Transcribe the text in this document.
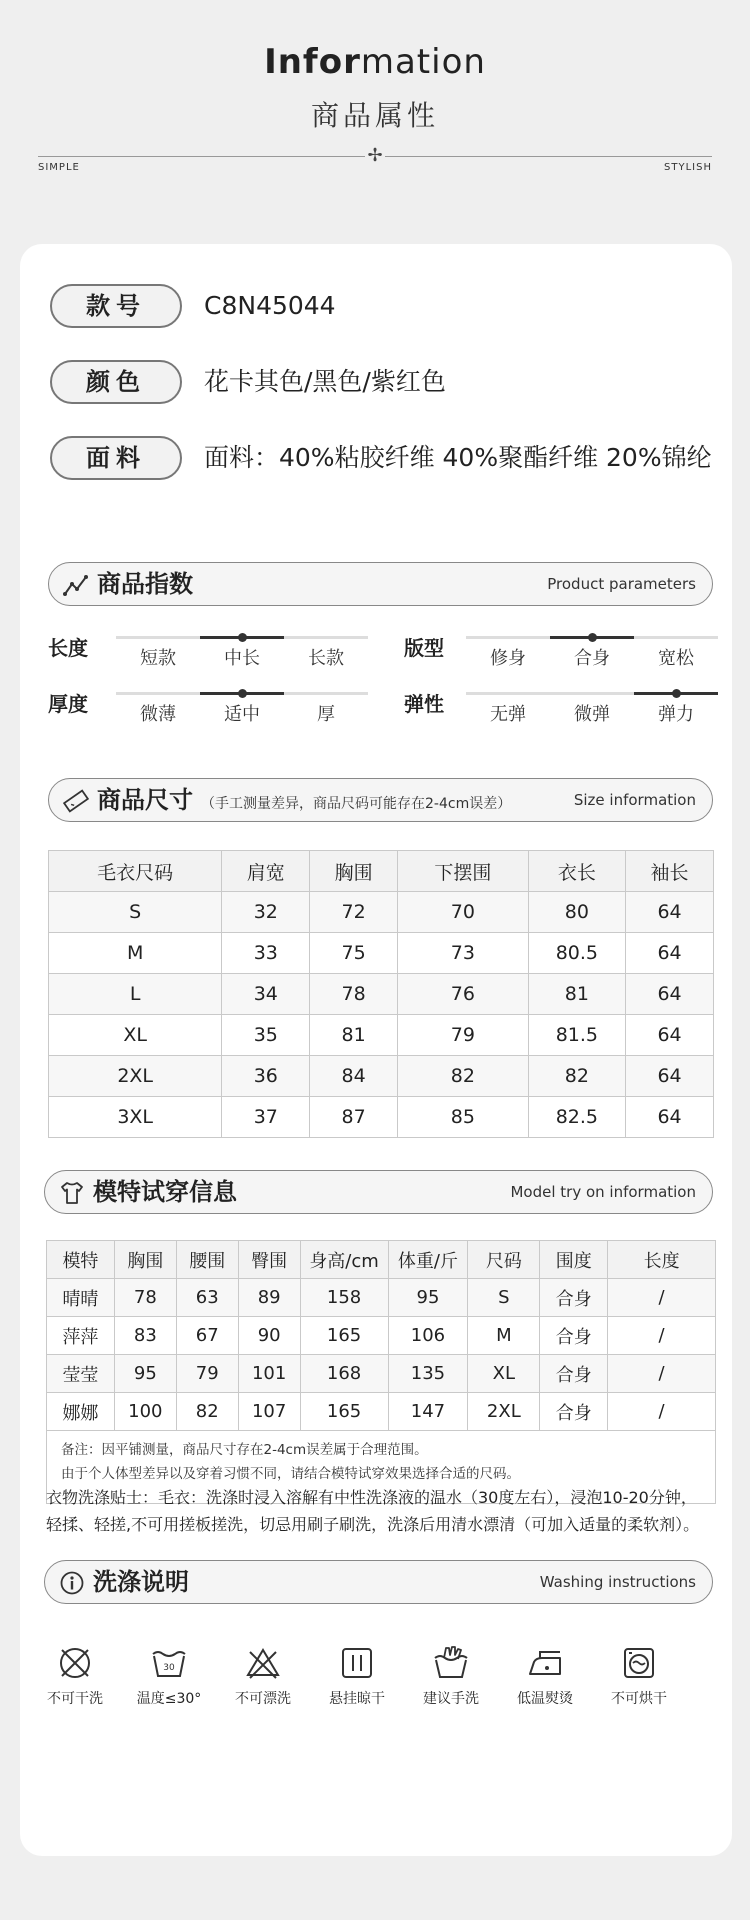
Information
商品属性
✢
SIMPLE	STYLISH
款号	C8N45044
颜色	花卡其色/黑色/紫红色
面料	面料：40%粘胶纤维 40%聚酯纤维 20%锦纶
商品指数	Product parameters
长度	短款	中长	长款	版型	修身	合身	宽松
厚度	微薄	适中	厚	弹性	无弹	微弹	弹力
商品尺寸 （手工测量差异，商品尺码可能存在2-4cm误差）	Size information
毛衣尺码	肩宽	胸围	下摆围	衣长	袖长
S	32	72	70	80	64
M	33	75	73	80.5	64
L	34	78	76	81	64
XL	35	81	79	81.5	64
2XL	36	84	82	82	64
3XL	37	87	85	82.5	64
模特试穿信息	Model try on information
模特	胸围	腰围	臀围	身高/cm	体重/斤	尺码	围度	长度
晴晴	78	63	89	158	95	S	合身	/
萍萍	83	67	90	165	106	M	合身	/
莹莹	95	79	101	168	135	XL	合身	/
娜娜	100	82	107	165	147	2XL	合身	/
备注：因平铺测量，商品尺寸存在2-4cm误差属于合理范围。
由于个人体型差异以及穿着习惯不同，请结合模特试穿效果选择合适的尺码。
洗涤说明	Washing instructions
不可干洗
30
温度≤30°	不可漂洗	悬挂晾干	建议手洗	低温熨烫	不可烘干
衣物洗涤贴士：毛衣：洗涤时浸入溶解有中性洗涤液的温水（30度左右），浸泡10-20分钟，轻揉、轻搓,不可用搓板搓洗，切忌用刷子刷洗，洗涤后用清水漂清（可加入适量的柔软剂）。
